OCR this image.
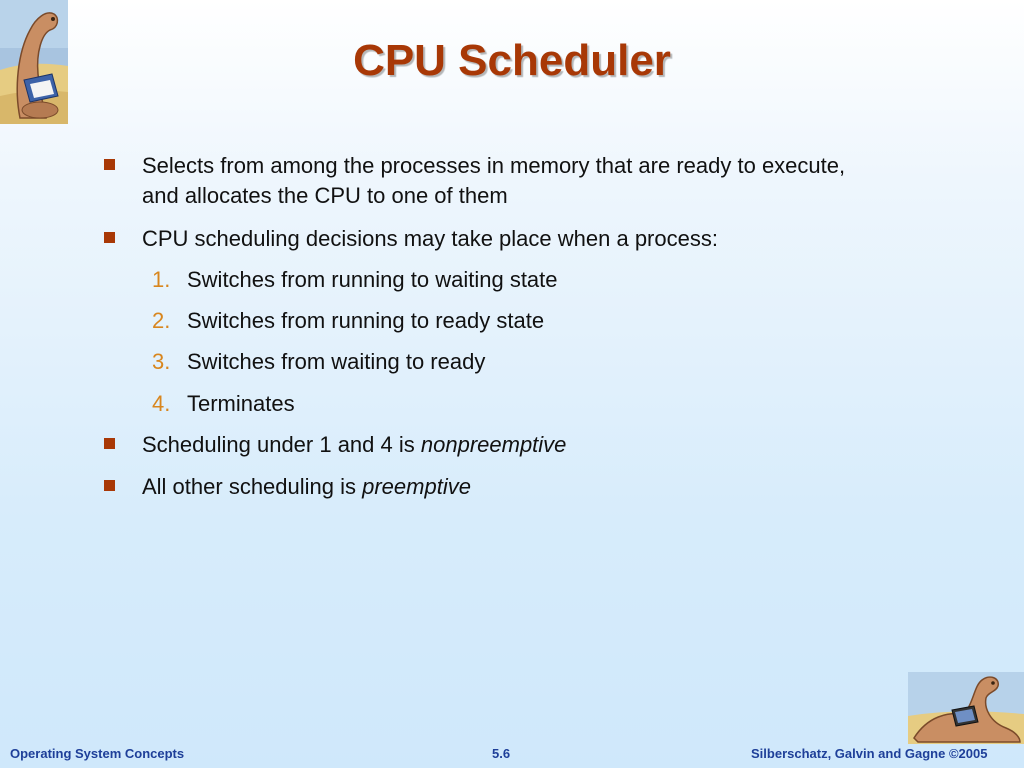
CPU Scheduler
Selects from among the processes in memory that are ready to execute, and allocates the CPU to one of them
CPU scheduling decisions may take place when a process:
1. Switches from running to waiting state
2. Switches from running to ready state
3. Switches from waiting to ready
4. Terminates
Scheduling under 1 and 4 is nonpreemptive
All other scheduling is preemptive
Operating System Concepts	5.6	Silberschatz, Galvin and Gagne ©2005
